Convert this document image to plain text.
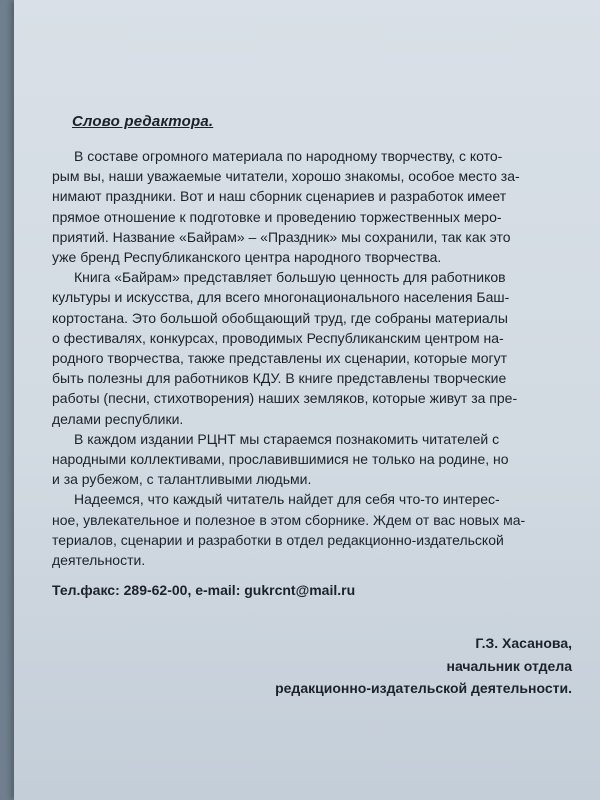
Слово редактора.

В составе огромного материала по народному творчеству, с кото-
рым вы, наши уважаемые читатели, хорошо знакомы, особое место за-
нимают праздники. Вот и наш сборник сценариев и разработок имеет
прямое отношение к подготовке и проведению торжественных меро-
приятий. Название «Байрам» – «Праздник» мы сохранили, так как это
уже бренд Республиканского центра народного творчества.

Книга «Байрам» представляет большую ценность для работников
культуры и искусства, для всего многонационального населения Баш-
кортостана. Это большой обобщающий труд, где собраны материалы
о фестивалях, конкурсах, проводимых Республиканским центром на-
родного творчества, также представлены их сценарии, которые могут
быть полезны для работников КДУ. В книге представлены творческие
работы (песни, стихотворения) наших земляков, которые живут за пре-
делами республики.

В каждом издании РЦНТ мы стараемся познакомить читателей с
народными коллективами, прославившимися не только на родине, но
и за рубежом, с талантливыми людьми.

Надеемся, что каждый читатель найдет для себя что-то интерес-
ное, увлекательное и полезное в этом сборнике. Ждем от вас новых ма-
териалов, сценарии и разработки в отдел редакционно-издательской
деятельности.

Тел.факс: 289-62-00, e-mail: gukrcnt@mail.ru
Г.З. Хасанова,
начальник отдела
редакционно-издательской деятельности.
